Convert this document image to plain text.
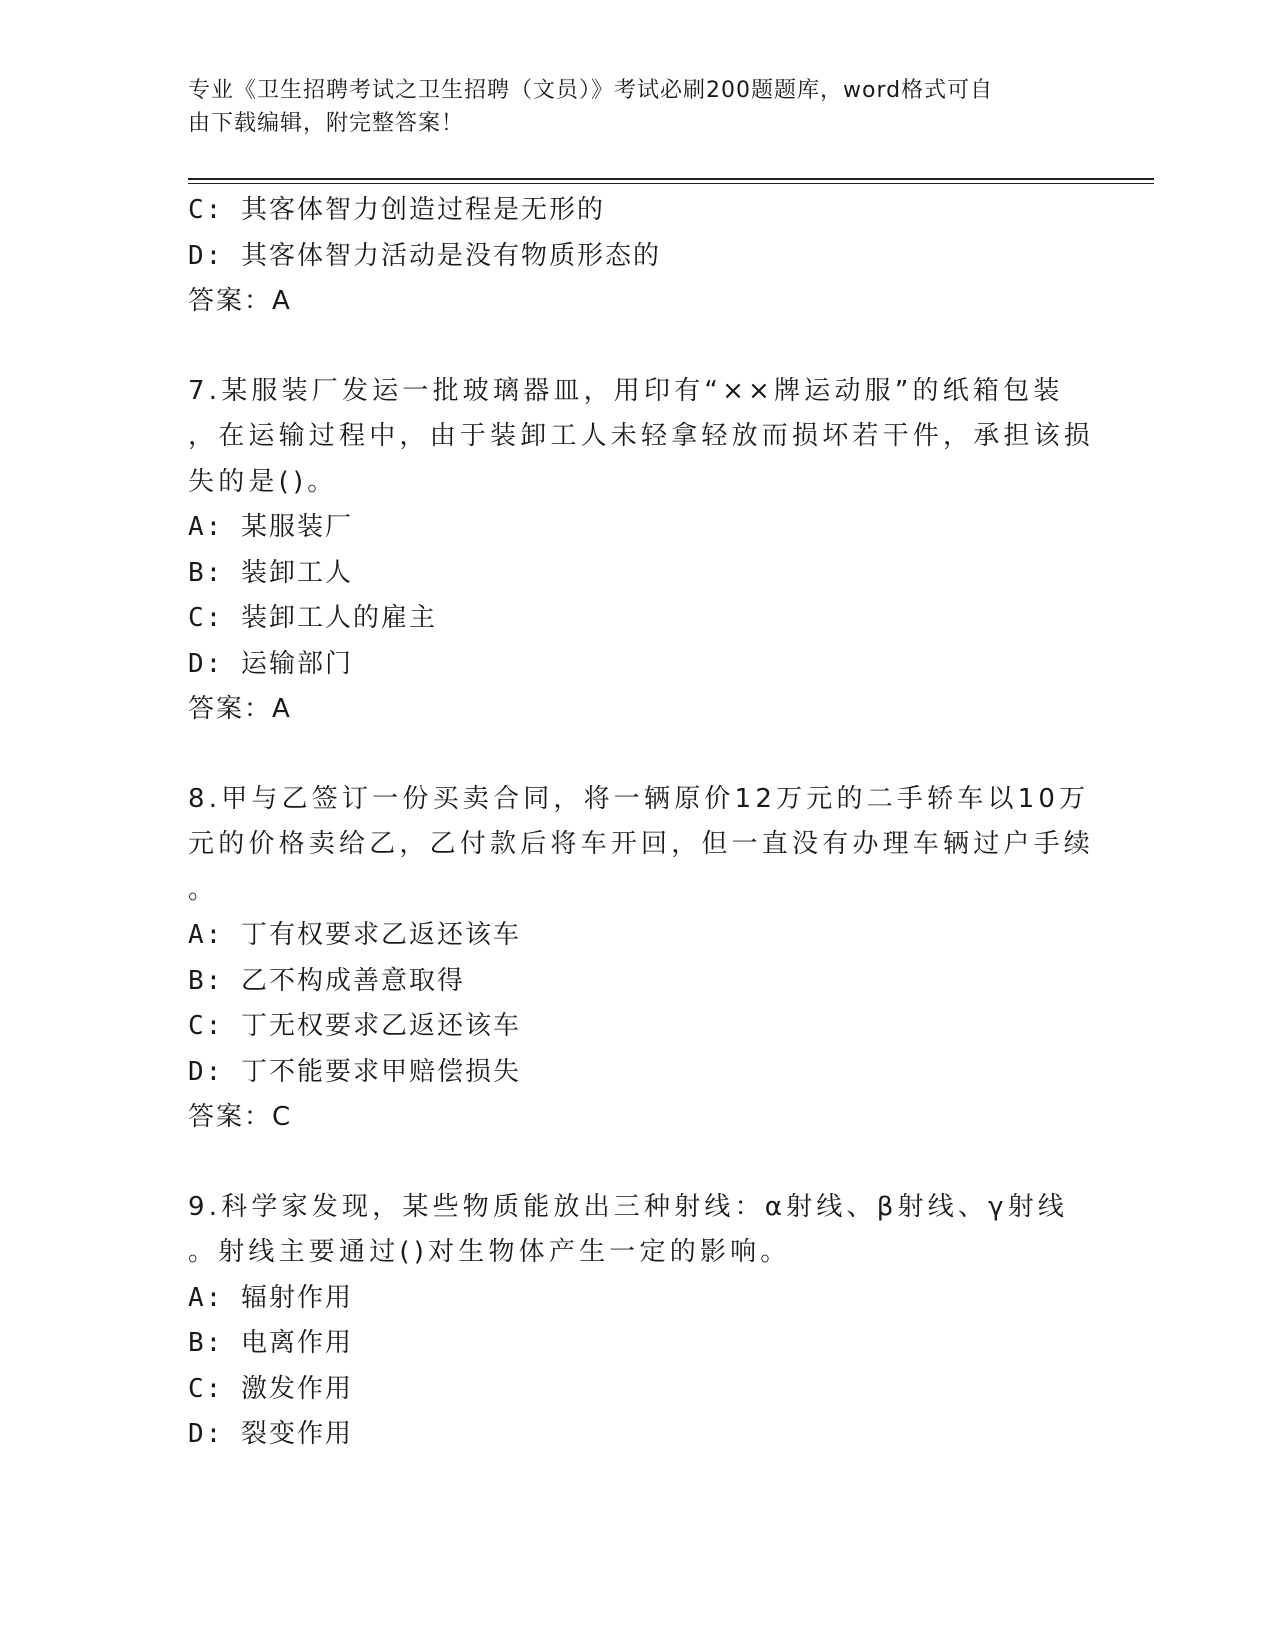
专业《卫生招聘考试之卫生招聘（文员）》考试必刷200题题库，word格式可自
由下载编辑，附完整答案！
C: 其客体智力创造过程是无形的
D: 其客体智力活动是没有物质形态的
答案：A
7.某服装厂发运一批玻璃器皿，用印有“××牌运动服”的纸箱包装
，在运输过程中，由于装卸工人未轻拿轻放而损坏若干件，承担该损
失的是()。
A: 某服装厂
B: 装卸工人
C: 装卸工人的雇主
D: 运输部门
答案：A
8.甲与乙签订一份买卖合同，将一辆原价12万元的二手轿车以10万
元的价格卖给乙，乙付款后将车开回，但一直没有办理车辆过户手续
。
A: 丁有权要求乙返还该车
B: 乙不构成善意取得
C: 丁无权要求乙返还该车
D: 丁不能要求甲赔偿损失
答案：C
9.科学家发现，某些物质能放出三种射线：α射线、β射线、γ射线
。射线主要通过()对生物体产生一定的影响。
A: 辐射作用
B: 电离作用
C: 激发作用
D: 裂变作用
